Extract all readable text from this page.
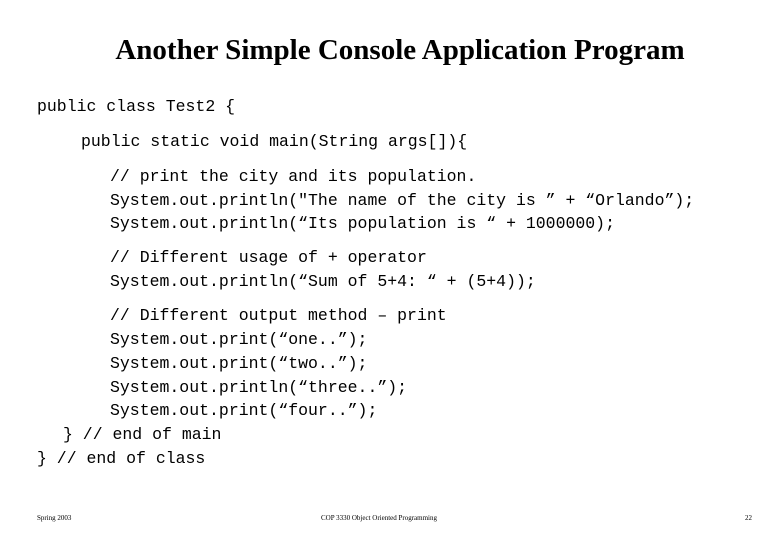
Another Simple Console Application Program
public class Test2 {
public static void main(String args[]){
// print the city and its population.
System.out.println("The name of the city is ” + “Orlando”);
System.out.println(“Its population is “ + 1000000);
// Different usage of + operator
System.out.println(“Sum of 5+4: “ + (5+4));
// Different output method – print
System.out.print(“one..”);
System.out.print(“two..”);
System.out.println(“three..”);
System.out.print(“four..”);
} // end of main
} // end of class
Spring 2003	COP 3330 Object Oriented Programming	22
